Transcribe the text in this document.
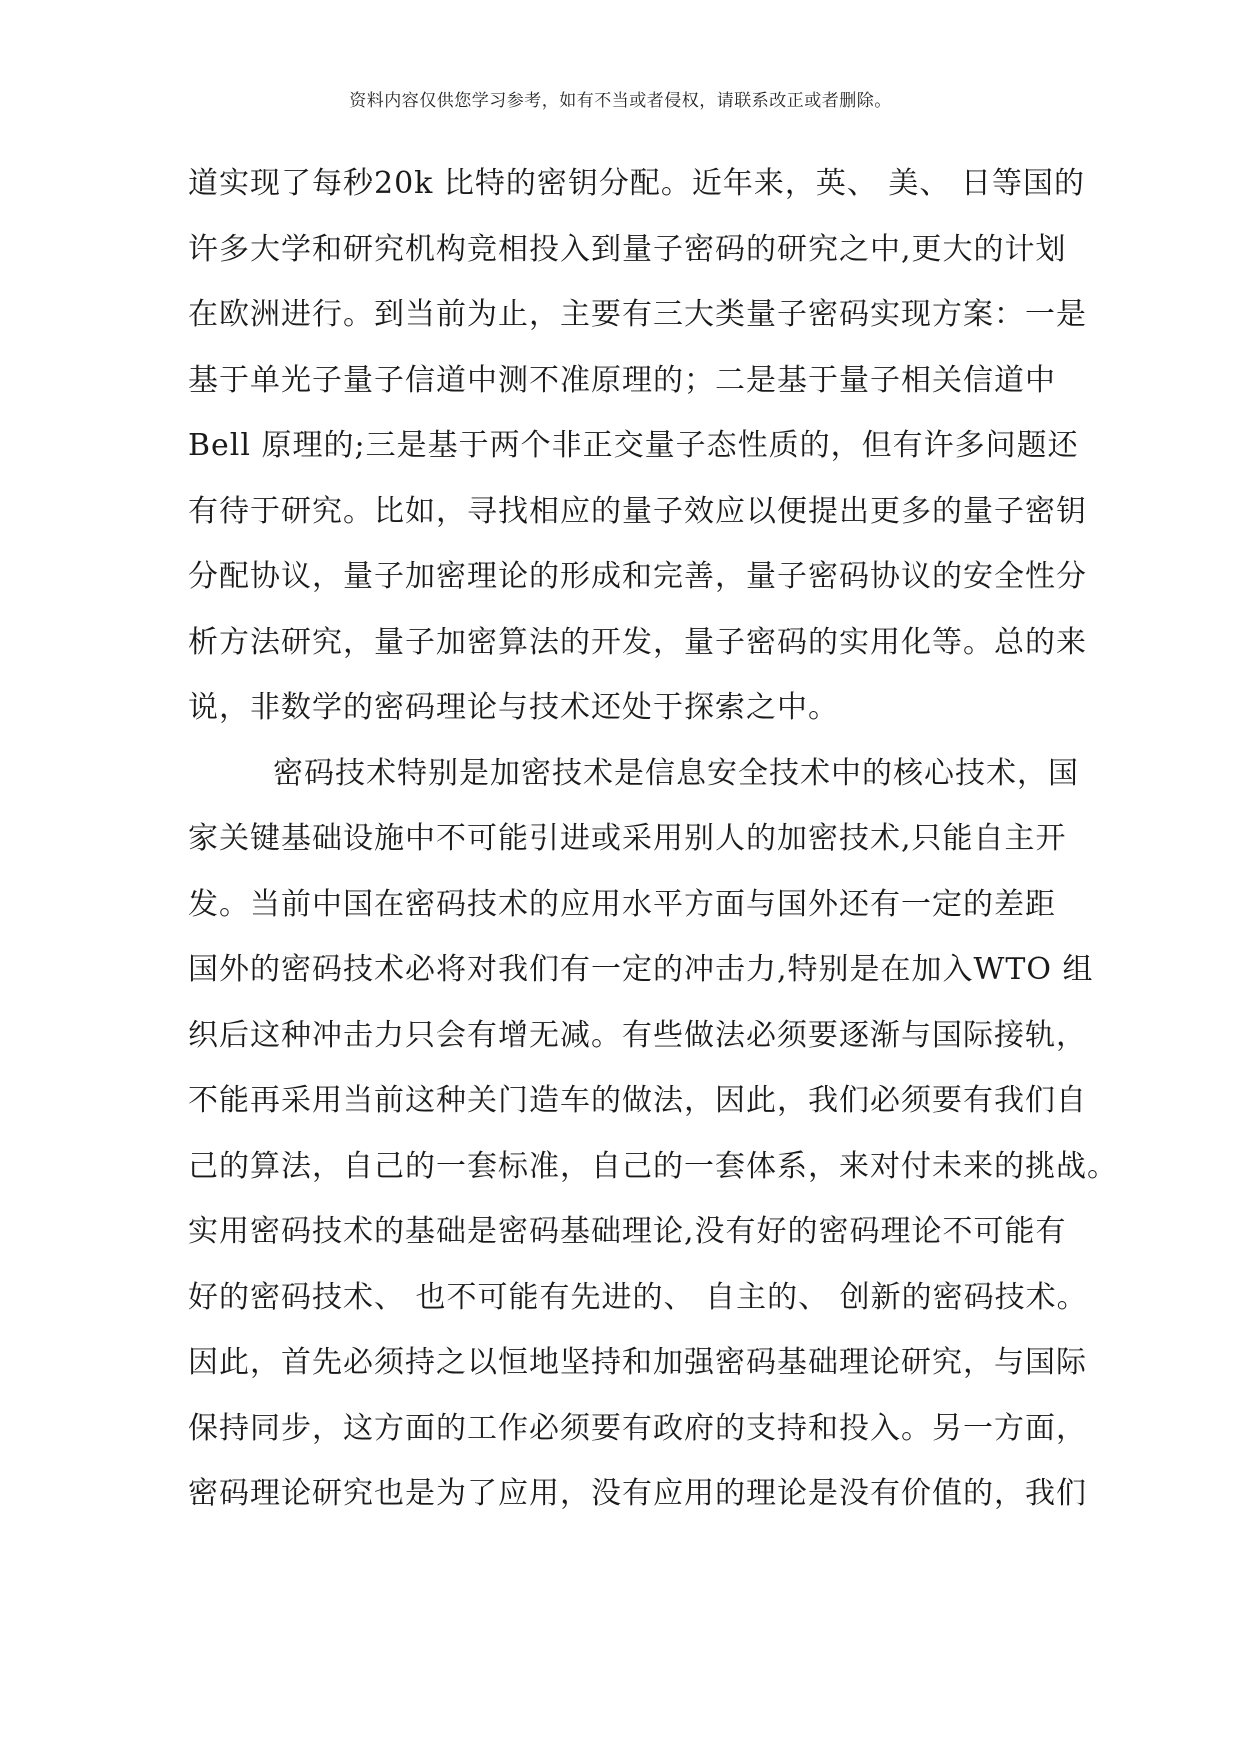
资料内容仅供您学习参考，如有不当或者侵权，请联系改正或者删除。
道实现了每秒20k 比特的密钥分配。近年来，英、 美、 日等国的
许多大学和研究机构竞相投入到量子密码的研究之中,更大的计划
在欧洲进行。到当前为止，主要有三大类量子密码实现方案：一是
基于单光子量子信道中测不准原理的；二是基于量子相关信道中
Bell 原理的;三是基于两个非正交量子态性质的，但有许多问题还
有待于研究。比如，寻找相应的量子效应以便提出更多的量子密钥
分配协议，量子加密理论的形成和完善，量子密码协议的安全性分
析方法研究，量子加密算法的开发，量子密码的实用化等。总的来
说，非数学的密码理论与技术还处于探索之中。
密码技术特别是加密技术是信息安全技术中的核心技术，国
家关键基础设施中不可能引进或采用别人的加密技术,只能自主开
发。当前中国在密码技术的应用水平方面与国外还有一定的差距
国外的密码技术必将对我们有一定的冲击力,特别是在加入WTO 组
织后这种冲击力只会有增无减。有些做法必须要逐渐与国际接轨，
不能再采用当前这种关门造车的做法，因此，我们必须要有我们自
己的算法，自己的一套标准，自己的一套体系，来对付未来的挑战。
实用密码技术的基础是密码基础理论,没有好的密码理论不可能有
好的密码技术、 也不可能有先进的、 自主的、 创新的密码技术。
因此，首先必须持之以恒地坚持和加强密码基础理论研究，与国际
保持同步，这方面的工作必须要有政府的支持和投入。另一方面，
密码理论研究也是为了应用，没有应用的理论是没有价值的，我们
